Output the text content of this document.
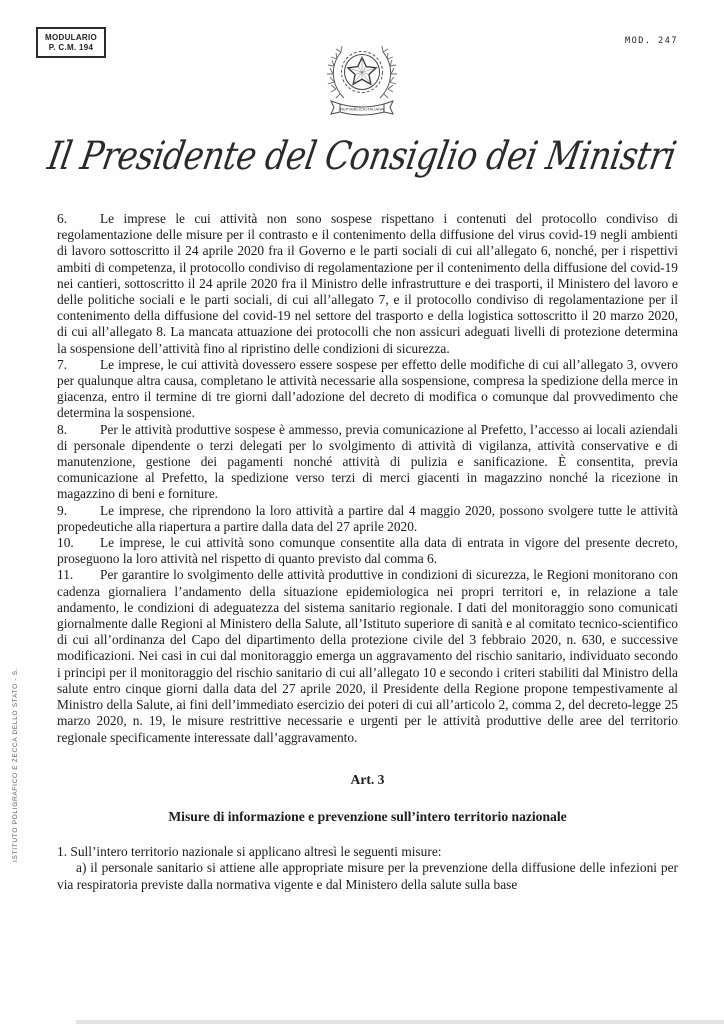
MODULARIO
P. C.M. 194
MOD. 247
REPVBBLICA ITALIANA
Il Presidente del Consiglio dei Ministri

6. Le imprese le cui attività non sono sospese rispettano i contenuti del protocollo condiviso di regolamentazione delle misure per il contrasto e il contenimento della diffusione del virus covid-19 negli ambienti di lavoro sottoscritto il 24 aprile 2020 fra il Governo e le parti sociali di cui all’allegato 6, nonché, per i rispettivi ambiti di competenza, il protocollo condiviso di regolamentazione per il contenimento della diffusione del covid-19 nei cantieri, sottoscritto il 24 aprile 2020 fra il Ministro delle infrastrutture e dei trasporti, il Ministero del lavoro e delle politiche sociali e le parti sociali, di cui all’allegato 7, e il protocollo condiviso di regolamentazione per il contenimento della diffusione del covid-19 nel settore del trasporto e della logistica sottoscritto il 20 marzo 2020, di cui all’allegato 8. La mancata attuazione dei protocolli che non assicuri adeguati livelli di protezione determina la sospensione dell’attività fino al ripristino delle condizioni di sicurezza.

7. Le imprese, le cui attività dovessero essere sospese per effetto delle modifiche di cui all’allegato 3, ovvero per qualunque altra causa, completano le attività necessarie alla sospensione, compresa la spedizione della merce in giacenza, entro il termine di tre giorni dall’adozione del decreto di modifica o comunque dal provvedimento che determina la sospensione.

8. Per le attività produttive sospese è ammesso, previa comunicazione al Prefetto, l’accesso ai locali aziendali di personale dipendente o terzi delegati per lo svolgimento di attività di vigilanza, attività conservative e di manutenzione, gestione dei pagamenti nonché attività di pulizia e sanificazione. È consentita, previa comunicazione al Prefetto, la spedizione verso terzi di merci giacenti in magazzino nonché la ricezione in magazzino di beni e forniture.

9. Le imprese, che riprendono la loro attività a partire dal 4 maggio 2020, possono svolgere tutte le attività propedeutiche alla riapertura a partire dalla data del 27 aprile 2020.

10. Le imprese, le cui attività sono comunque consentite alla data di entrata in vigore del presente decreto, proseguono la loro attività nel rispetto di quanto previsto dal comma 6.

11. Per garantire lo svolgimento delle attività produttive in condizioni di sicurezza, le Regioni monitorano con cadenza giornaliera l’andamento della situazione epidemiologica nei propri territori e, in relazione a tale andamento, le condizioni di adeguatezza del sistema sanitario regionale. I dati del monitoraggio sono comunicati giornalmente dalle Regioni al Ministero della Salute, all’Istituto superiore di sanità e al comitato tecnico-scientifico di cui all’ordinanza del Capo del dipartimento della protezione civile del 3 febbraio 2020, n. 630, e successive modificazioni. Nei casi in cui dal monitoraggio emerga un aggravamento del rischio sanitario, individuato secondo i principi per il monitoraggio del rischio sanitario di cui all’allegato 10 e secondo i criteri stabiliti dal Ministro della salute entro cinque giorni dalla data del 27 aprile 2020, il Presidente della Regione propone tempestivamente al Ministro della Salute, ai fini dell’immediato esercizio dei poteri di cui all’articolo 2, comma 2, del decreto-legge 25 marzo 2020, n. 19, le misure restrittive necessarie e urgenti per le attività produttive delle aree del territorio regionale specificamente interessate dall’aggravamento.

Art. 3

Misure di informazione e prevenzione sull’intero territorio nazionale

1. Sull’intero territorio nazionale si applicano altresì le seguenti misure:

a) il personale sanitario si attiene alle appropriate misure per la prevenzione della diffusione delle infezioni per via respiratoria previste dalla normativa vigente e dal Ministero della salute sulla base

ISTITUTO POLIGRAFICO E ZECCA DELLO STATO - S.
